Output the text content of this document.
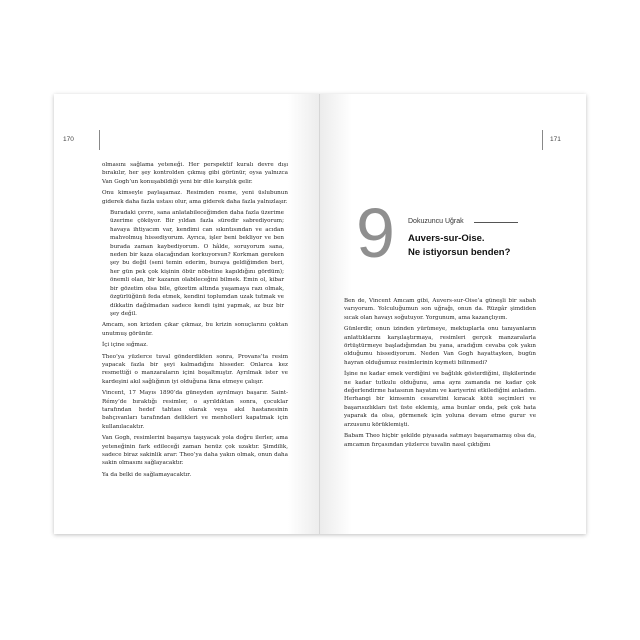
170

olmasını sağlama yeteneği. Her perspektif kuralı devre dışı bırakılır, her şey kontrolden çıkmış gibi görünür, oysa yalnızca Van Gogh’un konuşabildiği yeni bir dile karşılık gelir.

Onu kimseyle paylaşamaz. Resimden resme, yeni üslubunun giderek daha fazla ustası olur, ama giderek daha fazla yalnızlaşır.

Buradaki çevre, sana anlatabileceğimden daha fazla üzerime üzerime çöküyor. Bir yıldan fazla süredir sabrediyorum; havaya ihtiyacım var, kendimi can sıkıntısından ve acıdan mahvolmuş hissediyorum. Ayrıca, işler beni bekliyor ve ben burada zaman kaybediyorum. O hâlde, soruyorum sana, neden bir kaza olacağından korkuyorsun? Korkman gereken şey bu değil (seni temin ederim, buraya geldiğimden beri, her gün pek çok kişinin öbür nöbetine kapıldığını gördüm); önemli olan, bir kazanın olabileceğini bilmek. Emin ol, kibar bir gözetim olsa bile, gözetim altında yaşamaya razı olmak, özgürlüğünü feda etmek, kendini toplumdan uzak tutmak ve dikkatin dağılmadan sadece kendi işini yapmak, az buz bir şey değil.

Amcam, son krizden çıkar çıkmaz, bu krizin sonuçlarını çoktan unutmuş görünür.

İçi içine sığmaz.

Theo’ya yüzlerce tuval gönderdikten sonra, Provans’ta resim yapacak fazla bir şeyi kalmadığını hisseder. Onlarca kez resmettiği o manzaraların içini boşaltmıştır. Ayrılmak ister ve kardeşini akıl sağlığının iyi olduğuna ikna etmeye çalışır.

Vincent, 17 Mayıs 1890’da güneyden ayrılmayı başarır. Saint-Rémy’de bıraktığı resimler, o ayrıldıktan sonra, çocuklar tarafından hedef tahtası olarak veya akıl hastanesinin bahçıvanları tarafından delikleri ve menholleri kapatmak için kullanılacaktır.

Van Gogh, resimlerini başarıya taşıyacak yola doğru ilerler, ama yeteneğinin fark edileceği zaman henüz çok uzaktır. Şimdilik, sadece biraz sakinlik arar: Theo’ya daha yakın olmak, onun daha sakin olmasını sağlayacaktır.

Ya da belki de sağlamayacaktır.

171
9 Dokuzuncu Uğrak
Auvers-sur-Oise.
Ne istiyorsun benden?

Ben de, Vincent Amcam gibi, Auvers-sur-Oise’a güneşli bir sabah varıyorum. Yolculuğumun son uğrağı, onun da. Rüzgâr şimdiden sıcak olan havayı soğutuyor. Yorgunum, ama kazançlıyım.

Günlerdir, onun izinden yürümeye, mektuplarla onu tanıyanların anlattıklarını karşılaştırmaya, resimleri gerçek manzaralarla örtüştürmeye başladığımdan bu yana, aradığım cevaba çok yakın olduğumu hissediyorum. Neden Van Gogh hayattayken, bugün hayran olduğumuz resimlerinin kıymeti bilinmedi?

İşine ne kadar emek verdiğini ve bağlılık gösterdiğini, ilişkilerinde ne kadar tutkulu olduğunu, ama aynı zamanda ne kadar çok değerlendirme hatasının hayatını ve kariyerini etkilediğini anladım. Herhangi bir kimsenin cesaretini kıracak kötü seçimleri ve başarısızlıkları üst üste eklemiş, ama bunlar onda, pek çok hata yaparak da olsa, görmenek için yoluna devam etme gurur ve arzusunu körüklemişti.

Babam Theo hiçbir şekilde piyasada satmayı başaramamış olsa da, amcamın fırçasından yüzlerce tuvalin nasıl çıktığını
